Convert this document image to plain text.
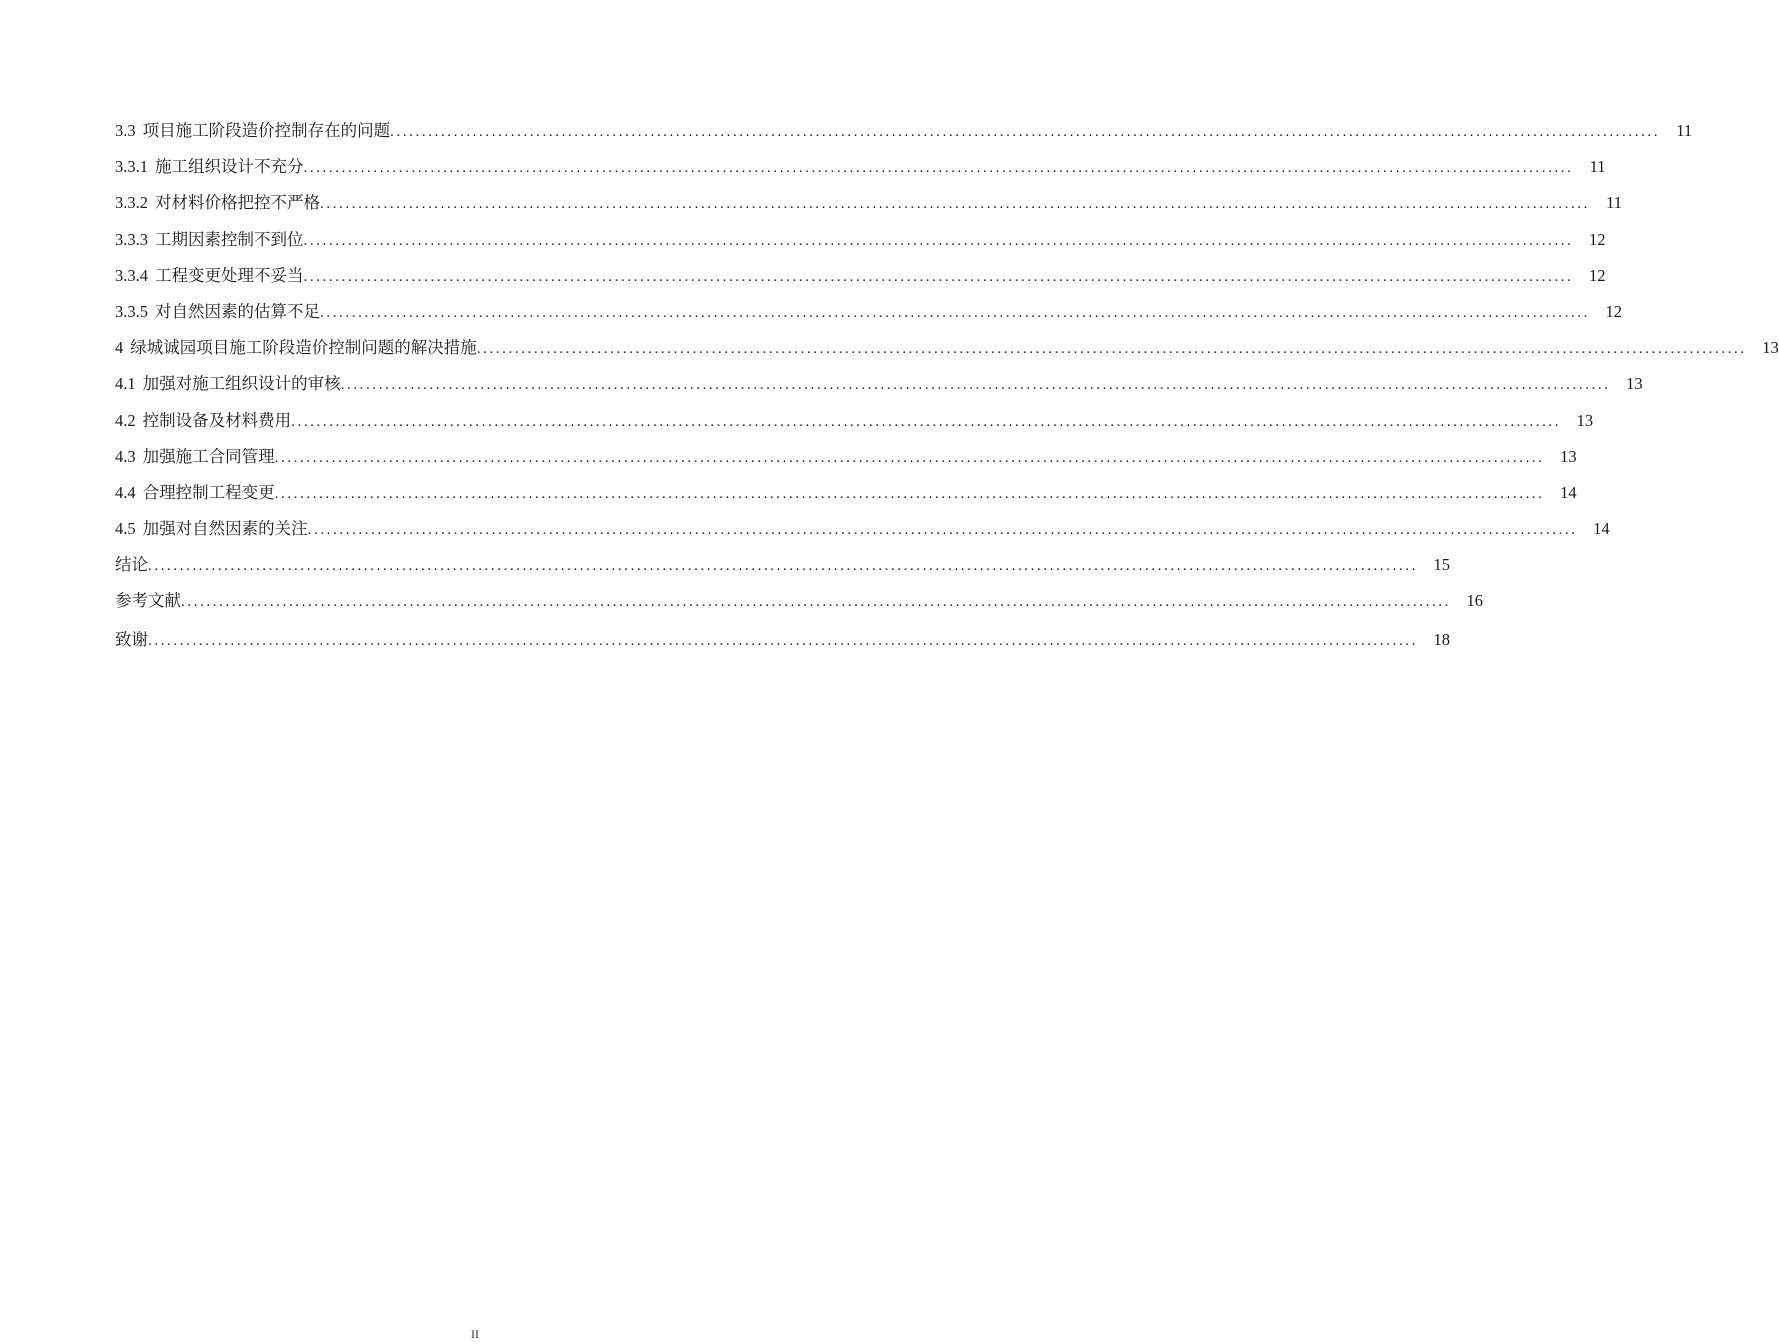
3.3 项目施工阶段造价控制存在的问题 ........................................................................................................................................................................................................ 11
3.3.1 施工组织设计不充分 ........................................................................................................................................................................................................ 11
3.3.2 对材料价格把控不严格 ........................................................................................................................................................................................................ 11
3.3.3 工期因素控制不到位 ........................................................................................................................................................................................................ 12
3.3.4 工程变更处理不妥当 ........................................................................................................................................................................................................ 12
3.3.5 对自然因素的估算不足 ........................................................................................................................................................................................................ 12
4 绿城诚园项目施工阶段造价控制问题的解决措施 ........................................................................................................................................................................................................ 13
4.1 加强对施工组织设计的审核 ........................................................................................................................................................................................................ 13
4.2 控制设备及材料费用 ........................................................................................................................................................................................................ 13
4.3 加强施工合同管理 ........................................................................................................................................................................................................ 13
4.4 合理控制工程变更 ........................................................................................................................................................................................................ 14
4.5 加强对自然因素的关注 ........................................................................................................................................................................................................ 14
结论 ........................................................................................................................................................................................................ 15
参考文献 ........................................................................................................................................................................................................ 16
致谢 ........................................................................................................................................................................................................ 18
II
